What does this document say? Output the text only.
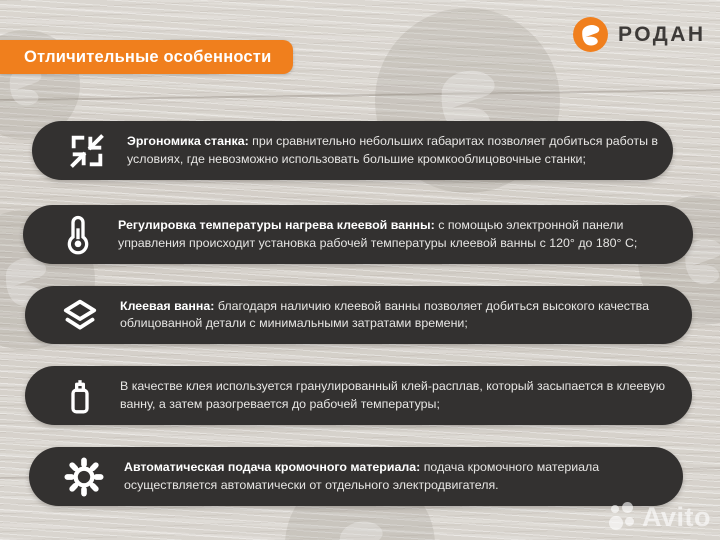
Отличительные особенности
РОДАН
Эргономика станка: при сравнительно небольших габаритах позволяет добиться работы в условиях, где невозможно использовать большие кромкооблицовочные станки;
Регулировка температуры нагрева клеевой ванны: с помощью электронной панели управления происходит установка рабочей температуры клеевой ванны с 120° до 180° C;
Клеевая ванна: благодаря наличию клеевой ванны позволяет добиться высокого качества облицованной детали с минимальными затратами времени;
В качестве клея используется гранулированный клей-расплав, который засыпается в клеевую ванну, а затем разогревается до рабочей температуры;
Автоматическая подача кромочного материала: подача кромочного материала осуществляется автоматически от отдельного электродвигателя.
Avito
